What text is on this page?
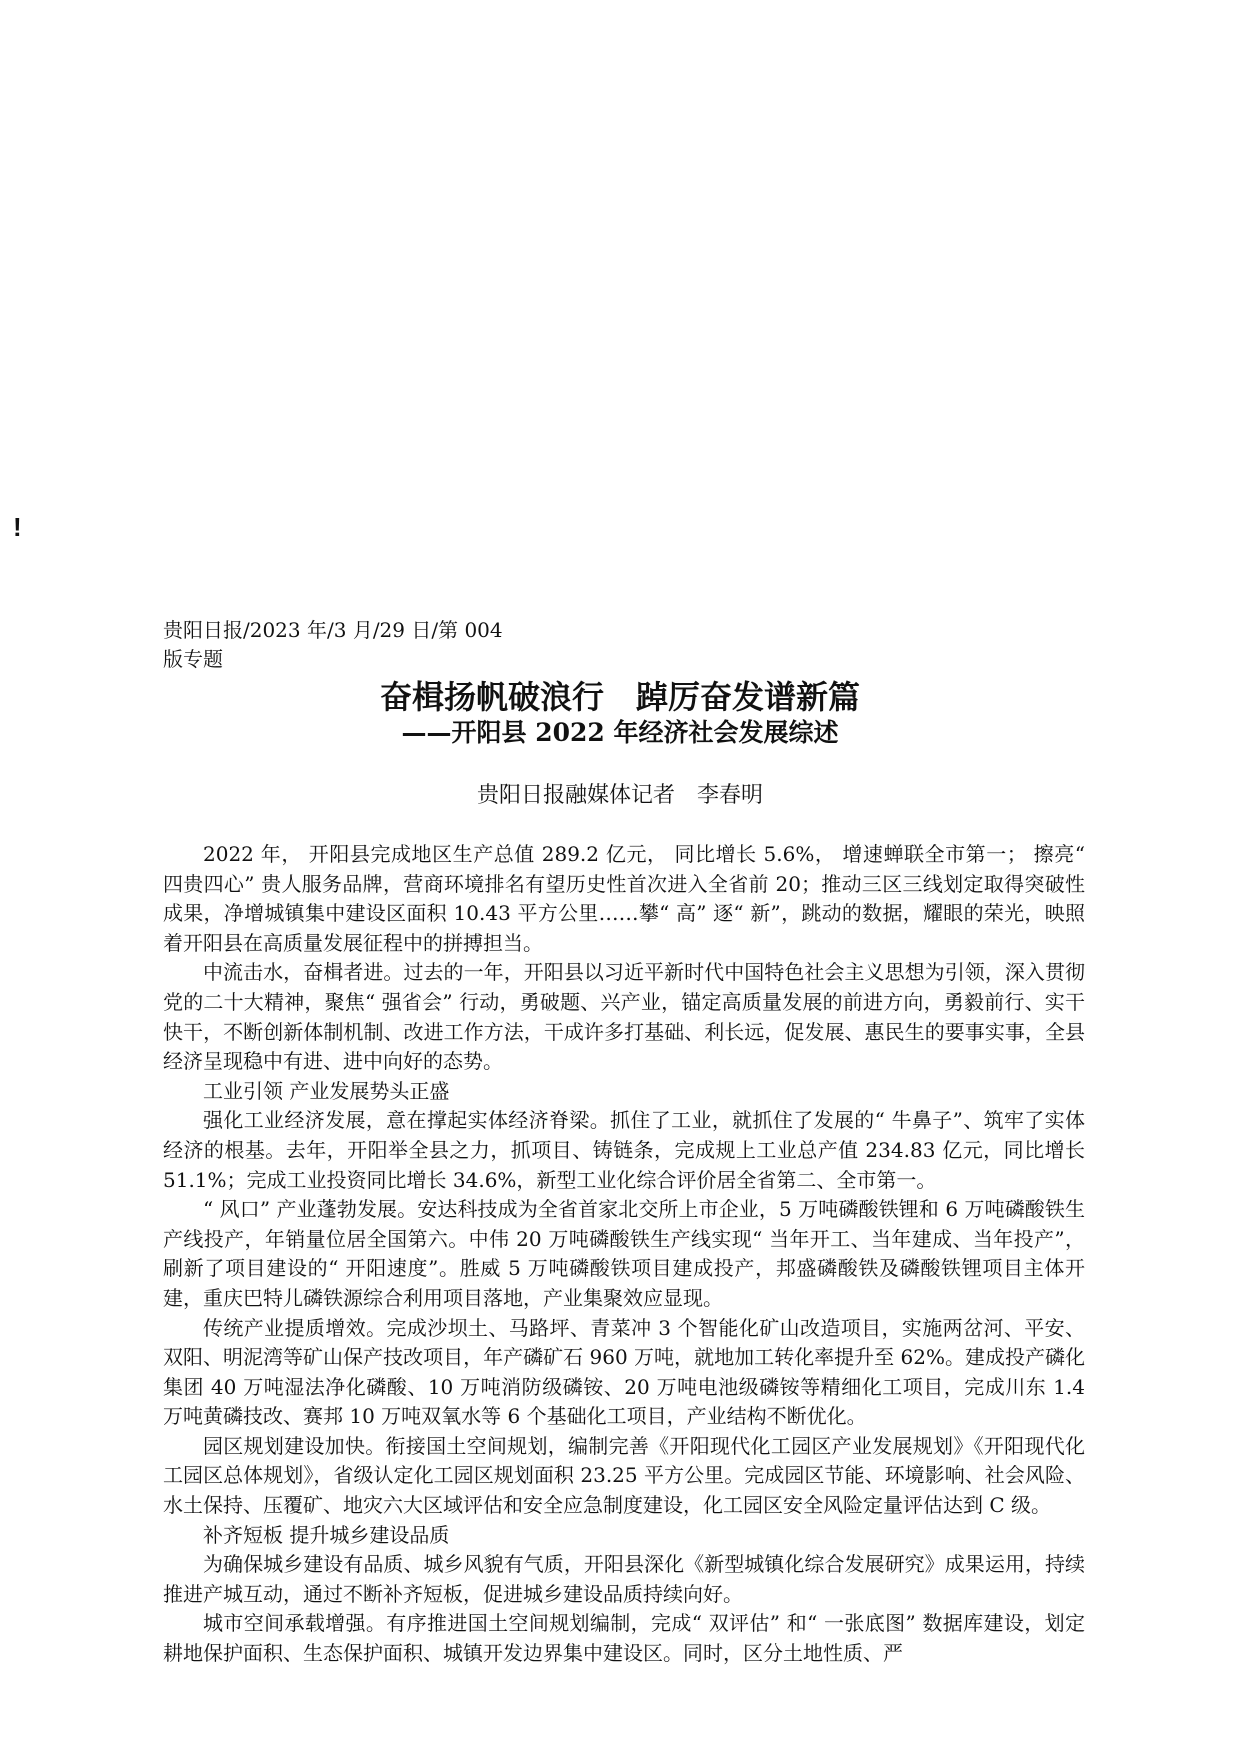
!
贵阳日报/2023 年/3 月/29 日/第 004 版专题
奋楫扬帆破浪行　踔厉奋发谱新篇
——开阳县 2022 年经济社会发展综述
贵阳日报融媒体记者　李春明

2022 年， 开阳县完成地区生产总值 289.2 亿元， 同比增长 5.6%， 增速蝉联全市第一； 擦亮“ 四贵四心” 贵人服务品牌，营商环境排名有望历史性首次进入全省前 20；推动三区三线划定取得突破性成果，净增城镇集中建设区面积 10.43 平方公里……攀“ 高” 逐“ 新”，跳动的数据，耀眼的荣光，映照着开阳县在高质量发展征程中的拼搏担当。

中流击水，奋楫者进。过去的一年，开阳县以习近平新时代中国特色社会主义思想为引领，深入贯彻党的二十大精神，聚焦“ 强省会” 行动，勇破题、兴产业，锚定高质量发展的前进方向，勇毅前行、实干快干，不断创新体制机制、改进工作方法，干成许多打基础、利长远，促发展、惠民生的要事实事，全县经济呈现稳中有进、进中向好的态势。

工业引领 产业发展势头正盛

强化工业经济发展，意在撑起实体经济脊梁。抓住了工业，就抓住了发展的“ 牛鼻子”、筑牢了实体经济的根基。去年，开阳举全县之力，抓项目、铸链条，完成规上工业总产值 234.83 亿元，同比增长 51.1%；完成工业投资同比增长 34.6%，新型工业化综合评价居全省第二、全市第一。

“ 风口” 产业蓬勃发展。安达科技成为全省首家北交所上市企业，5 万吨磷酸铁锂和 6 万吨磷酸铁生产线投产，年销量位居全国第六。中伟 20 万吨磷酸铁生产线实现“ 当年开工、当年建成、当年投产”，刷新了项目建设的“ 开阳速度”。胜威 5 万吨磷酸铁项目建成投产，邦盛磷酸铁及磷酸铁锂项目主体开建，重庆巴特儿磷铁源综合利用项目落地，产业集聚效应显现。

传统产业提质增效。完成沙坝土、马路坪、青菜冲 3 个智能化矿山改造项目，实施两岔河、平安、双阳、明泥湾等矿山保产技改项目，年产磷矿石 960 万吨，就地加工转化率提升至 62%。建成投产磷化集团 40 万吨湿法净化磷酸、10 万吨消防级磷铵、20 万吨电池级磷铵等精细化工项目，完成川东 1.4 万吨黄磷技改、赛邦 10 万吨双氧水等 6 个基础化工项目，产业结构不断优化。

园区规划建设加快。衔接国土空间规划，编制完善《开阳现代化工园区产业发展规划》《开阳现代化工园区总体规划》，省级认定化工园区规划面积 23.25 平方公里。完成园区节能、环境影响、社会风险、水土保持、压覆矿、地灾六大区域评估和安全应急制度建设，化工园区安全风险定量评估达到 C 级。

补齐短板 提升城乡建设品质

为确保城乡建设有品质、城乡风貌有气质，开阳县深化《新型城镇化综合发展研究》成果运用，持续推进产城互动，通过不断补齐短板，促进城乡建设品质持续向好。

城市空间承载增强。有序推进国土空间规划编制，完成“ 双评估” 和“ 一张底图” 数据库建设，划定耕地保护面积、生态保护面积、城镇开发边界集中建设区。同时，区分土地性质、严
